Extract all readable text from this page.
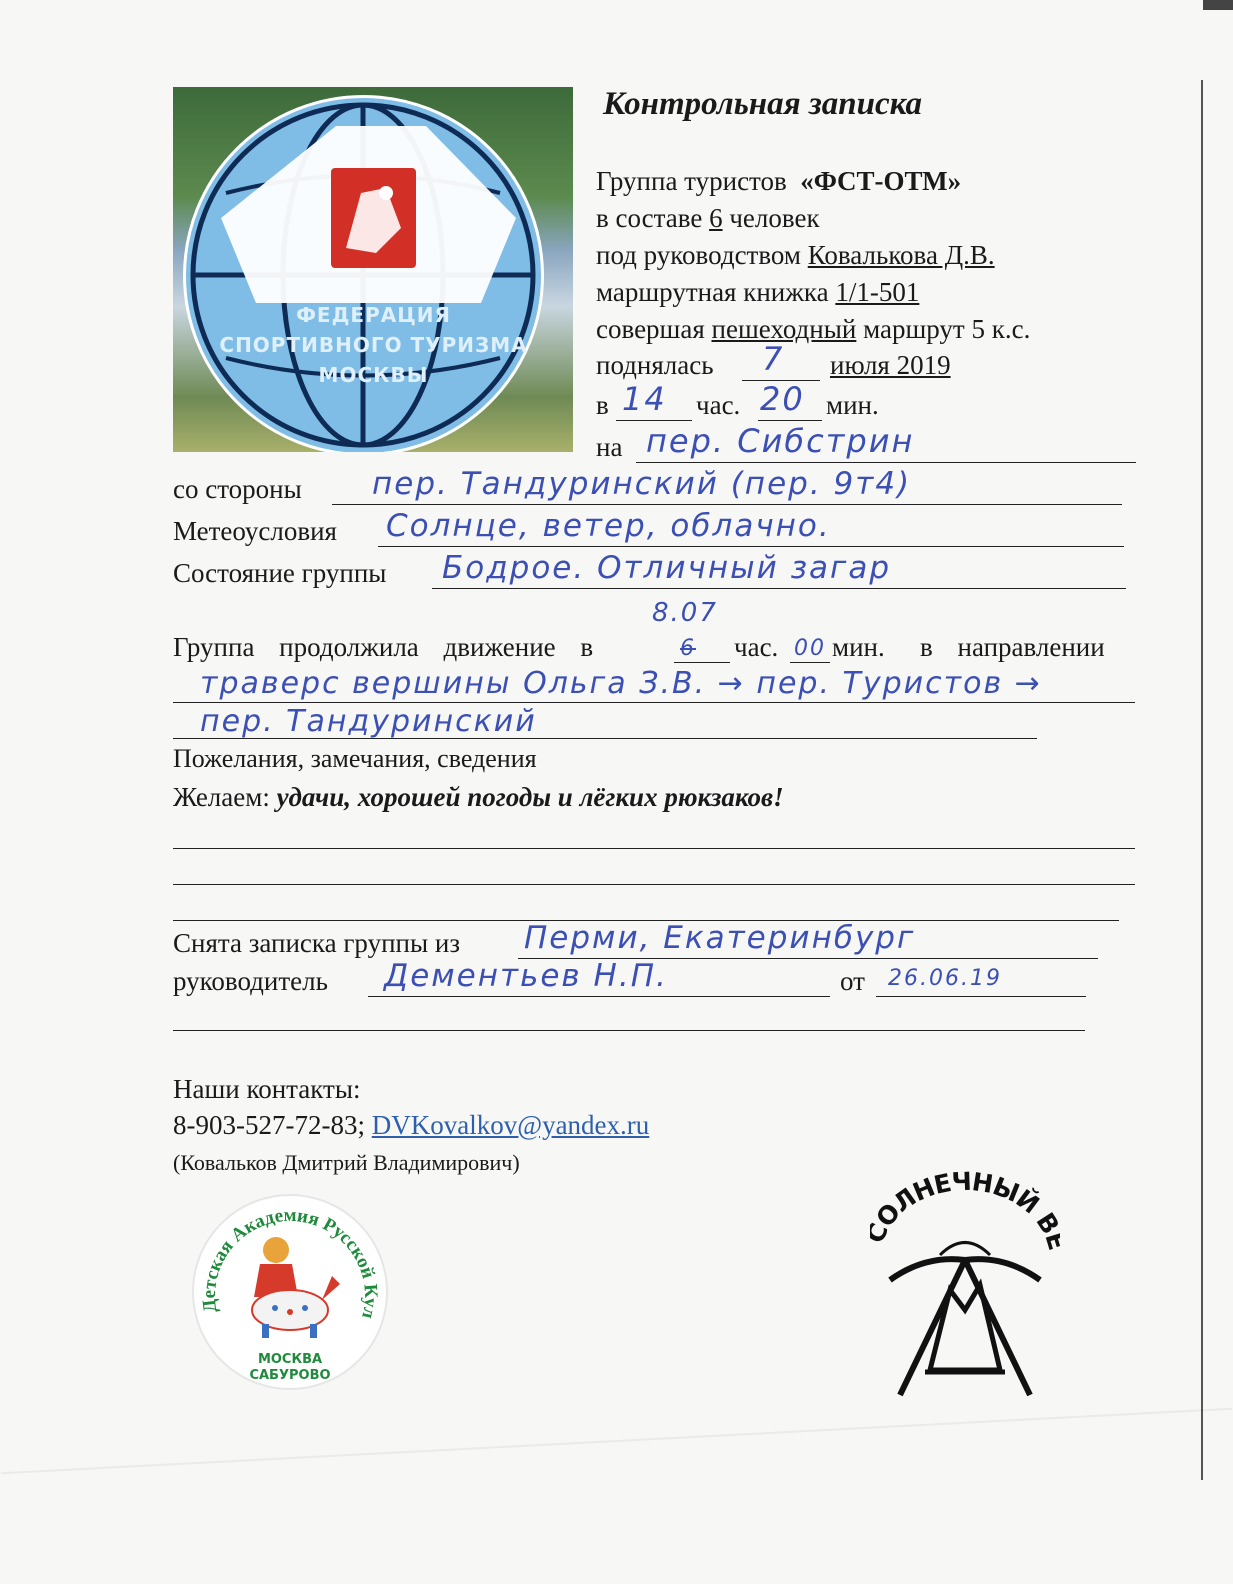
ФЕДЕРАЦИЯ
СПОРТИВНОГО ТУРИЗМА
МОСКВЫ
Контрольная записка
Группа туристов «ФСТ-ОТМ»
в составе 6 человек
под руководством Ковалькова Д.В.
маршрутная книжка 1/1-501
совершая пешеходный маршрут 5 к.с.
поднялась 7 июля 2019
в 14 час. 20 мин.
на пер. Сибстрин
со стороны пер. Тандуринский (пер. 9т4)
Метеоусловия Солнце, ветер, облачно.
Состояние группы Бодрое. Отличный загар
8.07
Группа продолжила движение в	6 час. 00 мин. в направлении
траверс вершины Ольга З.В. → пер. Туристов →
пер. Тандуринский
Пожелания, замечания, сведения
Желаем: удачи, хорошей погоды и лёгких рюкзаков!
Снята записка группы из Перми, Екатеринбург
руководитель Дементьев Н.П.	от 26.06.19
Наши контакты:
8-903-527-72-83; DVKovalkov@yandex.ru
(Ковальков Дмитрий Владимирович)
Детская Академия Русской Кул
МОСКВА
САБУРОВО
ОЛНЕЧНЫЙ
